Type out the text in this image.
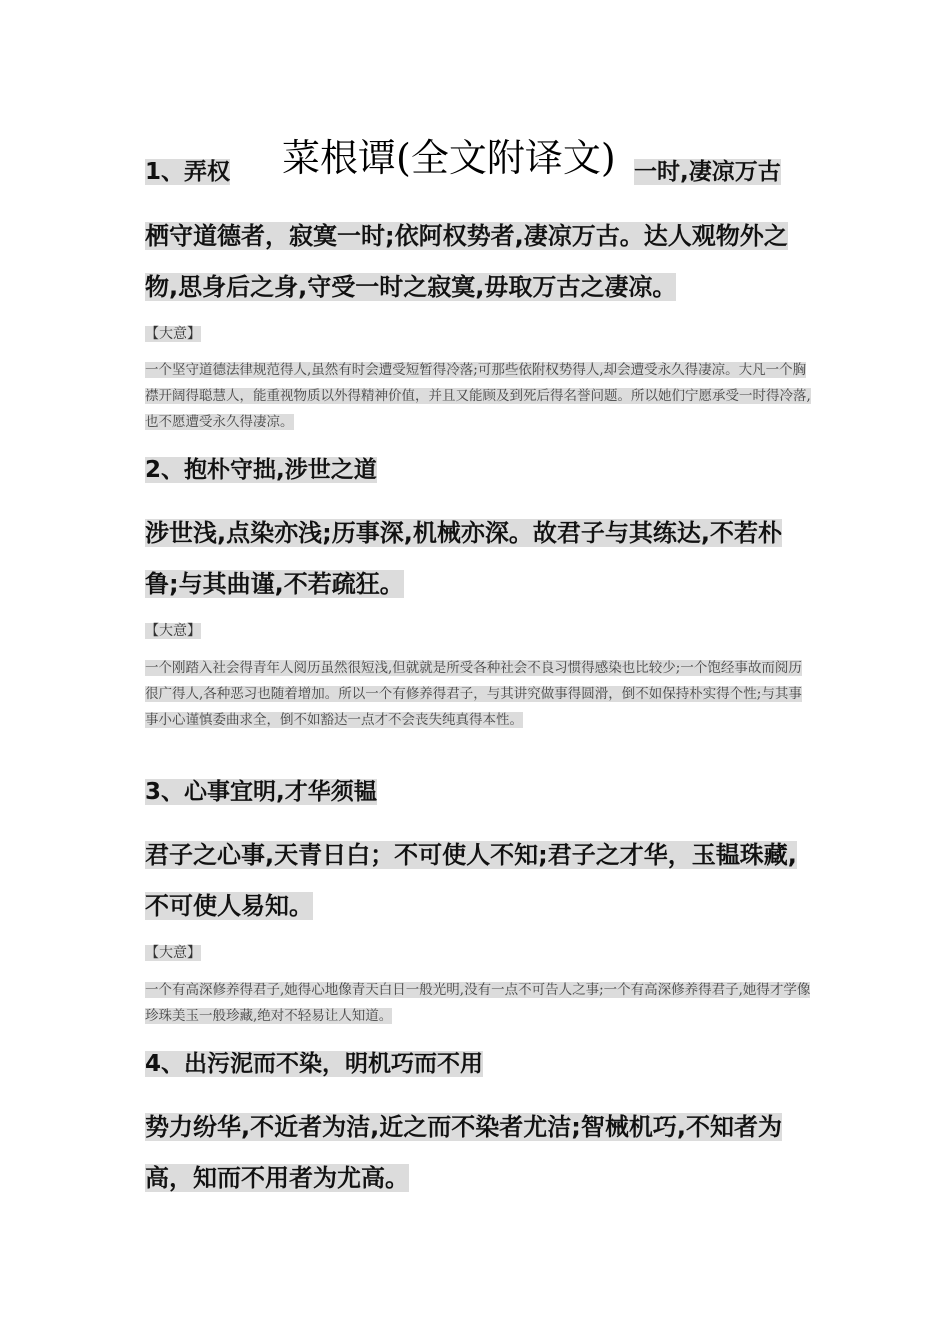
菜根谭(全文附译文)
1、弄权	一时,凄凉万古
栖守道德者，寂寞一时;依阿权势者,凄凉万古。达人观物外之物,思身后之身,守受一时之寂寞,毋取万古之凄凉。
【大意】
一个坚守道德法律规范得人,虽然有时会遭受短暂得冷落;可那些依附权势得人,却会遭受永久得凄凉。大凡一个胸襟开阔得聪慧人，能重视物质以外得精神价值，并且又能顾及到死后得名誉问题。所以她们宁愿承受一时得冷落,也不愿遭受永久得凄凉。
2、抱朴守拙,涉世之道
涉世浅,点染亦浅;历事深,机械亦深。故君子与其练达,不若朴鲁;与其曲谨,不若疏狂。
【大意】
一个刚踏入社会得青年人阅历虽然很短浅,但就就是所受各种社会不良习惯得感染也比较少;一个饱经事故而阅历很广得人,各种恶习也随着增加。所以一个有修养得君子，与其讲究做事得圆滑，倒不如保持朴实得个性;与其事事小心谨慎委曲求全，倒不如豁达一点才不会丧失纯真得本性。
3、心事宜明,才华须韫
君子之心事,天青日白；不可使人不知;君子之才华，玉韫珠藏,不可使人易知。
【大意】
一个有高深修养得君子,她得心地像青天白日一般光明,没有一点不可告人之事;一个有高深修养得君子,她得才学像珍珠美玉一般珍藏,绝对不轻易让人知道。
4、出污泥而不染，明机巧而不用
势力纷华,不近者为洁,近之而不染者尤洁;智械机巧,不知者为高，知而不用者为尤高。
